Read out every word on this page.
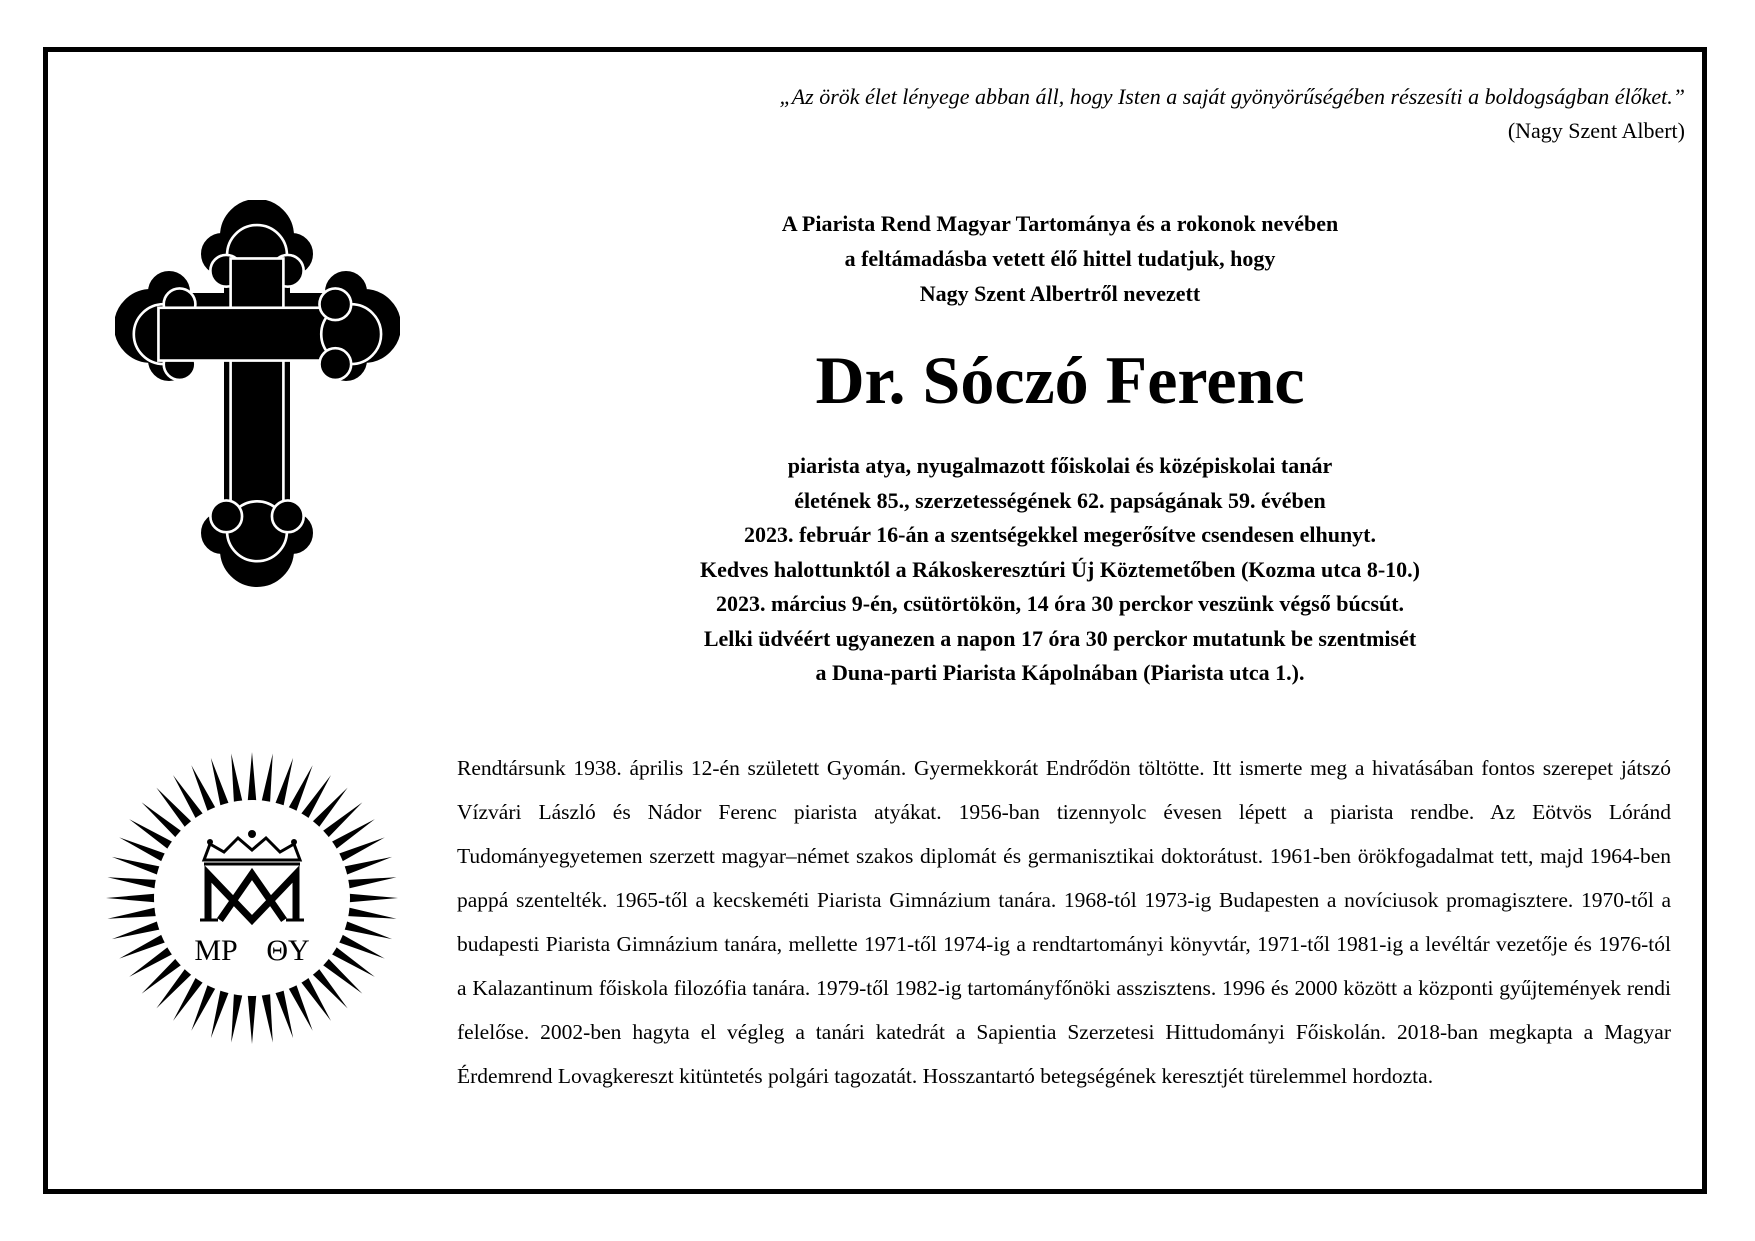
„Az örök élet lényege abban áll, hogy Isten a saját gyönyörűségében részesíti a boldogságban élőket.”
(Nagy Szent Albert)
MP ΘY
A Piarista Rend Magyar Tartománya és a rokonok nevében
a feltámadásba vetett élő hittel tudatjuk, hogy
Nagy Szent Albertről nevezett
Dr. Sóczó Ferenc
piarista atya, nyugalmazott főiskolai és középiskolai tanár
életének 85., szerzetességének 62. papságának 59. évében
2023. február 16-án a szentségekkel megerősítve csendesen elhunyt.
Kedves halottunktól a Rákoskeresztúri Új Köztemetőben (Kozma utca 8-10.)
2023. március 9-én, csütörtökön, 14 óra 30 perckor veszünk végső búcsút.
Lelki üdvéért ugyanezen a napon 17 óra 30 perckor mutatunk be szentmisét
a Duna-parti Piarista Kápolnában (Piarista utca 1.).
Rendtársunk 1938. április 12-én született Gyomán. Gyermekkorát Endrődön töltötte. Itt ismerte meg a hivatásában fontos szerepet játszó Vízvári László és Nádor Ferenc piarista atyákat. 1956-ban tizennyolc évesen lépett a piarista rendbe. Az Eötvös Lóránd Tudományegyetemen szerzett magyar–német szakos diplomát és germanisztikai doktorátust. 1961-ben örökfogadalmat tett, majd 1964-ben pappá szentelték. 1965-től a kecskeméti Piarista Gimnázium tanára. 1968-tól 1973-ig Budapesten a novíciusok promagisztere. 1970-től a budapesti Piarista Gimnázium tanára, mellette 1971-től 1974-ig a rendtartományi könyvtár, 1971-től 1981-ig a levéltár vezetője és 1976-tól a Kalazantinum főiskola filozófia tanára. 1979-től 1982-ig tartományfőnöki asszisztens. 1996 és 2000 között a központi gyűjtemények rendi felelőse. 2002-ben hagyta el végleg a tanári katedrát a Sapientia Szerzetesi Hittudományi Főiskolán. 2018-ban megkapta a Magyar Érdemrend Lovagkereszt kitüntetés polgári tagozatát. Hosszantartó betegségének keresztjét türelemmel hordozta.
